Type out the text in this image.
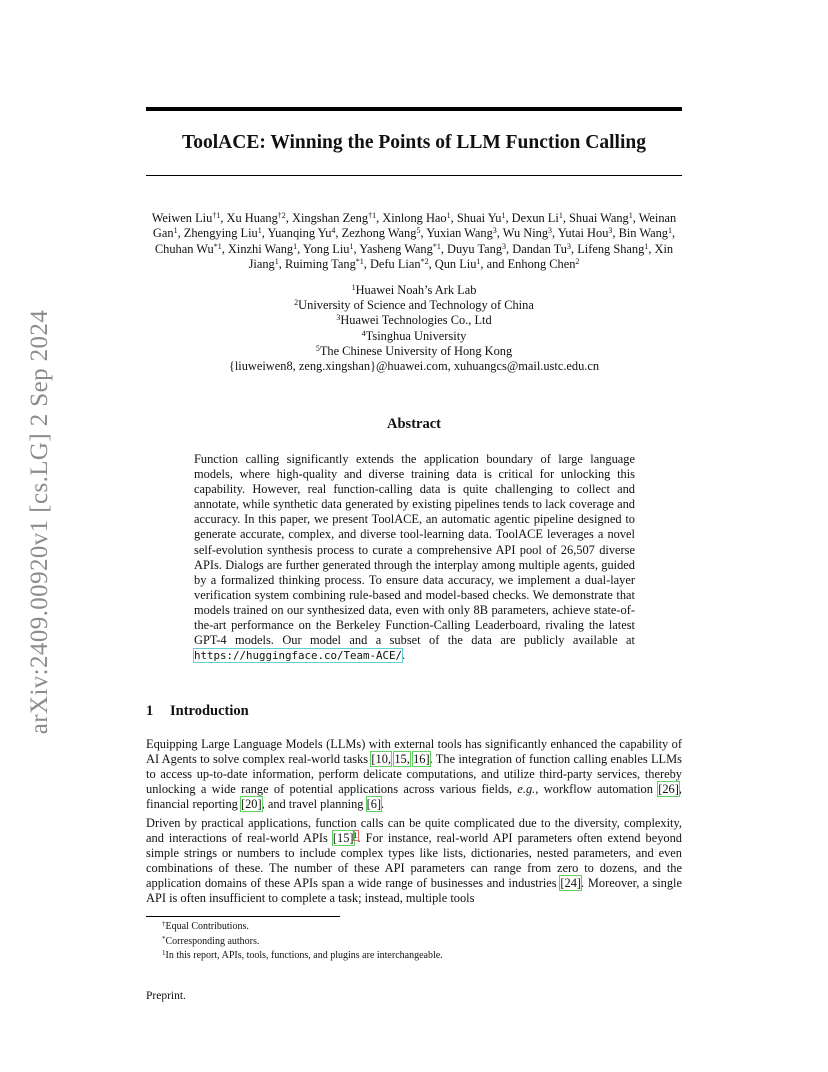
arXiv:2409.00920v1 [cs.LG] 2 Sep 2024
ToolACE: Winning the Points of LLM Function Calling
Weiwen Liu$^{\dagger 1}$, Xu Huang$^{\dagger 2}$, Xingshan Zeng$^{\dagger 1}$, Xinlong Hao$^1$, Shuai Yu$^1$, Dexun Li$^1$, Shuai Wang$^1$, Weinan Gan$^1$, Zhengying Liu$^1$, Yuanqing Yu$^4$, Zezhong Wang$^5$, Yuxian Wang$^3$, Wu Ning$^3$, Yutai Hou$^3$, Bin Wang$^1$, Chuhan Wu$^{*1}$, Xinzhi Wang$^1$, Yong Liu$^1$, Yasheng Wang$^{*1}$, Duyu Tang$^3$, Dandan Tu$^3$, Lifeng Shang$^1$, Xin Jiang$^1$, Ruiming Tang$^{*1}$, Defu Lian$^{*2}$, Qun Liu$^1$, and Enhong Chen$^2$
$^1$Huawei Noah’s Ark Lab
$^2$University of Science and Technology of China
$^3$Huawei Technologies Co., Ltd
$^4$Tsinghua University
$^5$The Chinese University of Hong Kong
{liuweiwen8, zeng.xingshan}@huawei.com, xuhuangcs@mail.ustc.edu.cn
Abstract
Function calling significantly extends the application boundary of large language models, where high-quality and diverse training data is critical for unlocking this capability. However, real function-calling data is quite challenging to collect and annotate, while synthetic data generated by existing pipelines tends to lack coverage and accuracy. In this paper, we present ToolACE, an automatic agentic pipeline designed to generate accurate, complex, and diverse tool-learning data. ToolACE leverages a novel self-evolution synthesis process to curate a comprehensive API pool of 26,507 diverse APIs. Dialogs are further generated through the interplay among multiple agents, guided by a formalized thinking process. To ensure data accuracy, we implement a dual-layer verification system combining rule-based and model-based checks. We demonstrate that models trained on our synthesized data, even with only 8B parameters, achieve state-of-the-art performance on the Berkeley Function-Calling Leaderboard, rivaling the latest GPT-4 models. Our model and a subset of the data are publicly available at https://huggingface.co/Team-ACE/.
1 Introduction
Equipping Large Language Models (LLMs) with external tools has significantly enhanced the capability of AI Agents to solve complex real-world tasks [10, 15, 16]. The integration of function calling enables LLMs to access up-to-date information, perform delicate computations, and utilize third-party services, thereby unlocking a wide range of potential applications across various fields, e.g., workflow automation [26], financial reporting [20], and travel planning [6].
Driven by practical applications, function calls can be quite complicated due to the diversity, complexity, and interactions of real-world APIs $[15]^1$. For instance, real-world API parameters often extend beyond simple strings or numbers to include complex types like lists, dictionaries, nested parameters, and even combinations of these. The number of these API parameters can range from zero to dozens, and the application domains of these APIs span a wide range of businesses and industries [24]. Moreover, a single API is often insufficient to complete a task; instead, multiple tools
†Equal Contributions.
*Corresponding authors.
$^1$In this report, APIs, tools, functions, and plugins are interchangeable.
Preprint.
